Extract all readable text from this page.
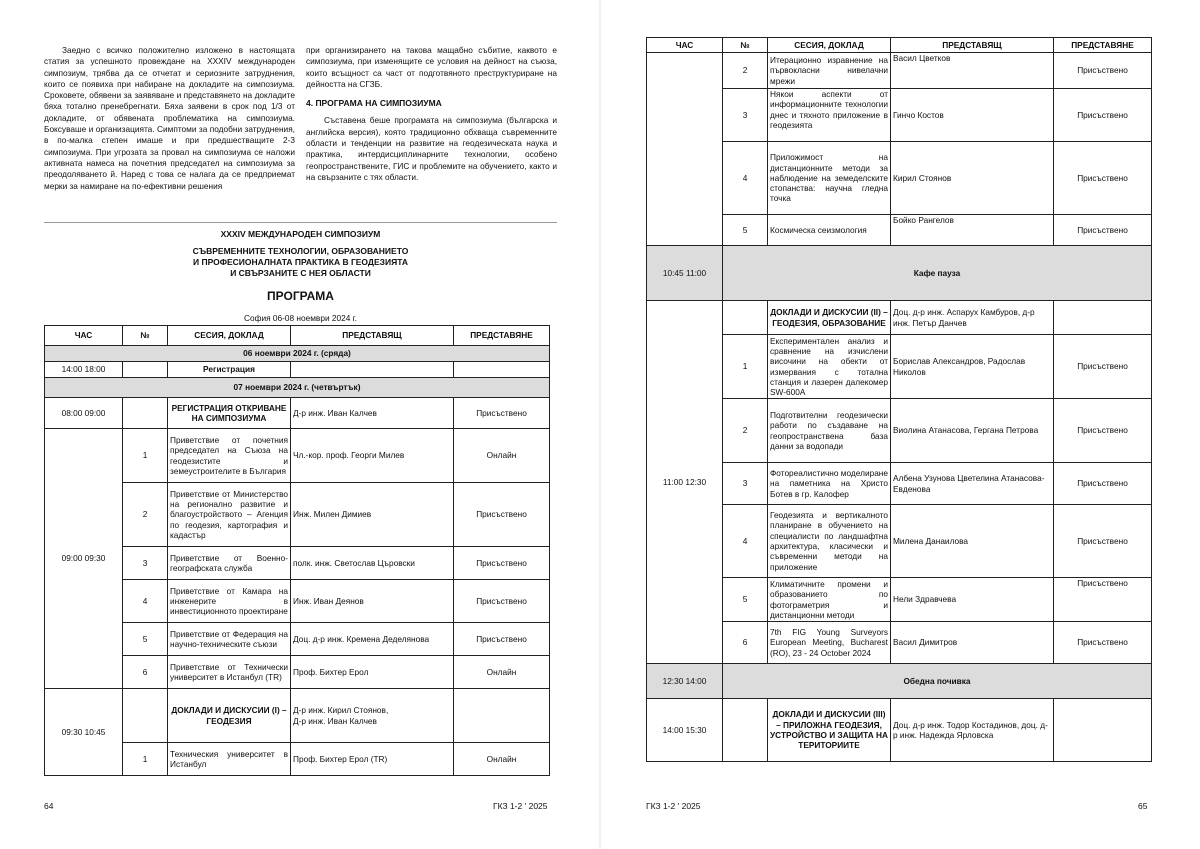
Заедно с всичко положително изложено в настоящата статия за успешното провеждане на XXXIV международен симпозиум, трябва да се отчетат и сериозните затруднения, които се появиха при набиране на докладите на симпозиума. Сроковете, обявени за заявяване и представянето на докладите бяха тотално пренебрегнати. Бяха заявени в срок под 1/3 от докладите, от обявената проблематика на симпозиума. Боксуваше и организацията. Симптоми за подобни затруднения, в по-малка степен имаше и при предшестващите 2-3 симпозиума. При угрозата за провал на симпозиума се наложи активната намеса на почетния председател на симпозиума за преодоляването й. Наред с това се налага да се предприемат мерки за намиране на по-ефективни решения

при организирането на такова мащабно събитие, каквото е симпозиума, при изменящите се условия на дейност на съюза, които всъщност са част от подготвяното преструктуриране на дейността на СГЗБ.

4. ПРОГРАМА НА СИМПОЗИУМА

Съставена беше програмата на симпозиума (българска и английска версия), която традиционно обхваща съвременните области и тенденции на развитие на геодезическата наука и практика, интердисциплинарните технологии, особено геопространствените, ГИС и проблемите на обучението, както и на свързаните с тях области.

XXXIV МЕЖДУНАРОДЕН СИМПОЗИУМ
СЪВРЕМЕННИТЕ ТЕХНОЛОГИИ, ОБРАЗОВАНИЕТО
И ПРОФЕСИОНАЛНАТА ПРАКТИКА В ГЕОДЕЗИЯТА
И СВЪРЗАНИТЕ С НЕЯ ОБЛАСТИ
ПРОГРАМА
София 06-08 ноември 2024 г.
ЧАС	№	СЕСИЯ, ДОКЛАД	ПРЕДСТАВЯЩ	ПРЕДСТАВЯНЕ
06 ноември 2024 г. (сряда)				
14:00 18:00		Регистрация		
07 ноември 2024 г. (четвъртък)				
08:00 09:00		РЕГИСТРАЦИЯ ОТКРИВАНЕ НА СИМПОЗИУМА	Д-р инж. Иван Калчев	Присъствено
09:00 09:30	1	Приветствие от почетния председател на Съюза на геодезистите и земеустроителите в България	Чл.-кор. проф. Георги Милев	Онлайн
	2	Приветствие от Министерство на регионално развитие и благоустройството – Агенция по геодезия, картография и кадастър	Инж. Милен Димиев	Присъствено
	3	Приветствие от Военно-географската служба	полк. инж. Светослав Църовски	Присъствено
	4	Приветствие от Камара на инженерите в инвестиционното проектиране	Инж. Иван Деянов	Присъствено
	5	Приветствие от Федерация на научно-техническите съюзи	Доц. д-р инж. Кремена Деделянова	Присъствено
	6	Приветствие от Технически университет в Истанбул (TR)	Проф. Бихтер Ерол	Онлайн
09:30 10:45		ДОКЛАДИ И ДИСКУСИИ (I) – ГЕОДЕЗИЯ	Д-р инж. Кирил Стоянов,
Д-р инж. Иван Калчев	

	1	Техническия университет в Истанбул	Проф. Бихтер Ерол (TR)	Онлайн
64	ГКЗ 1-2 ' 2025
ЧАС	№	СЕСИЯ, ДОКЛАД	ПРЕДСТАВЯЩ	ПРЕДСТАВЯНЕ
	2	Итерационно изравнение на първокласни нивелачни мрежи	Васил Цветков	Присъствено
	3	Някои аспекти от информационните технологии днес и тяхното приложение в геодезията	Гинчо Костов	Присъствено
	4	Приложимост на дистанционните методи за наблюдение на земеделските стопанства: научна гледна точка	Кирил Стоянов	Присъствено
	5	Космическа сеизмология	Бойко Рангелов	Присъствено
10:45 11:00	Кафе пауза			
11:00 12:30		ДОКЛАДИ И ДИСКУСИИ (II) – ГЕОДЕЗИЯ, ОБРАЗОВАНИЕ	Доц. д-р инж. Аспарух Камбуров, д-р инж. Петър Данчев	
	1	Експериментален анализ и сравнение на изчислени височини на обекти от измервания с тотална станция и лазерен далекомер SW-600A	Борислав Александров, Радослав Николов	Присъствено
	2	Подготвителни геодезически работи по създаване на геопространствена база данни за водопади	Виолина Атанасова, Гергана Петрова	Присъствено
	3	Фотореалистично моделиране на паметника на Христо Ботев в гр. Калофер	Албена Узунова Цветелина Атанасова-Евденова	Присъствено
	4	Геодезията и вертикалното планиране в обучението на специалисти по ландшафтна архитектура, класически и съвременни методи на приложение	Милена Данаилова	Присъствено
	5	Климатичните промени и образованието по фотограметрия и дистанционни методи	Нели Здравчева	Присъствено
	6	7th FIG Young Surveyors European Meeting, Bucharest (RO), 23 - 24 October 2024	Васил Димитров	Присъствено
12:30 14:00	Обедна почивка			
14:00 15:30		ДОКЛАДИ И ДИСКУСИИ (III) – ПРИЛОЖНА ГЕОДЕЗИЯ, УСТРОЙСТВО И ЗАЩИТА НА ТЕРИТОРИИТЕ	Доц. д-р инж. Тодор Костадинов, доц. д-р инж. Надежда Ярловска	
ГКЗ 1-2 ' 2025	65
